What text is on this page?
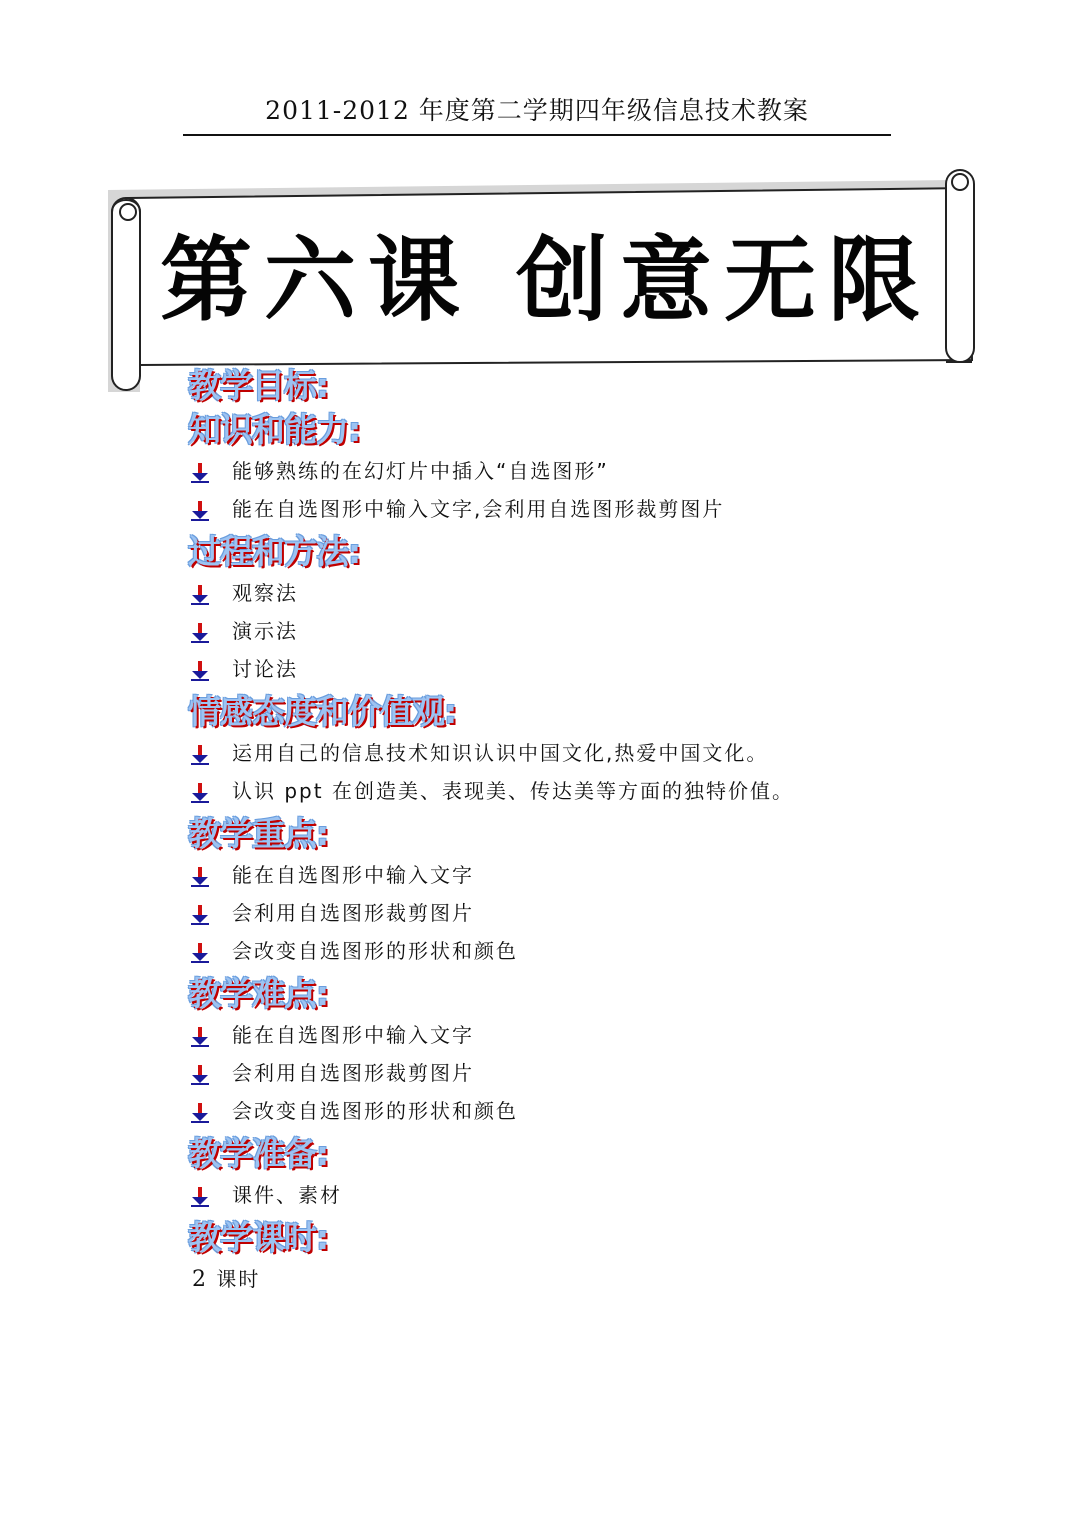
2011-2012 年度第二学期四年级信息技术教案
第六课 创意无限
教学目标:
知识和能力:
能够熟练的在幻灯片中插入“自选图形”
能在自选图形中输入文字,会利用自选图形裁剪图片
过程和方法:
观察法
演示法
讨论法
情感态度和价值观:
运用自己的信息技术知识认识中国文化,热爱中国文化。
认识 ppt 在创造美、表现美、传达美等方面的独特价值。
教学重点:
能在自选图形中输入文字
会利用自选图形裁剪图片
会改变自选图形的形状和颜色
教学难点:
能在自选图形中输入文字
会利用自选图形裁剪图片
会改变自选图形的形状和颜色
教学准备:
课件、素材
教学课时:
2 课时
